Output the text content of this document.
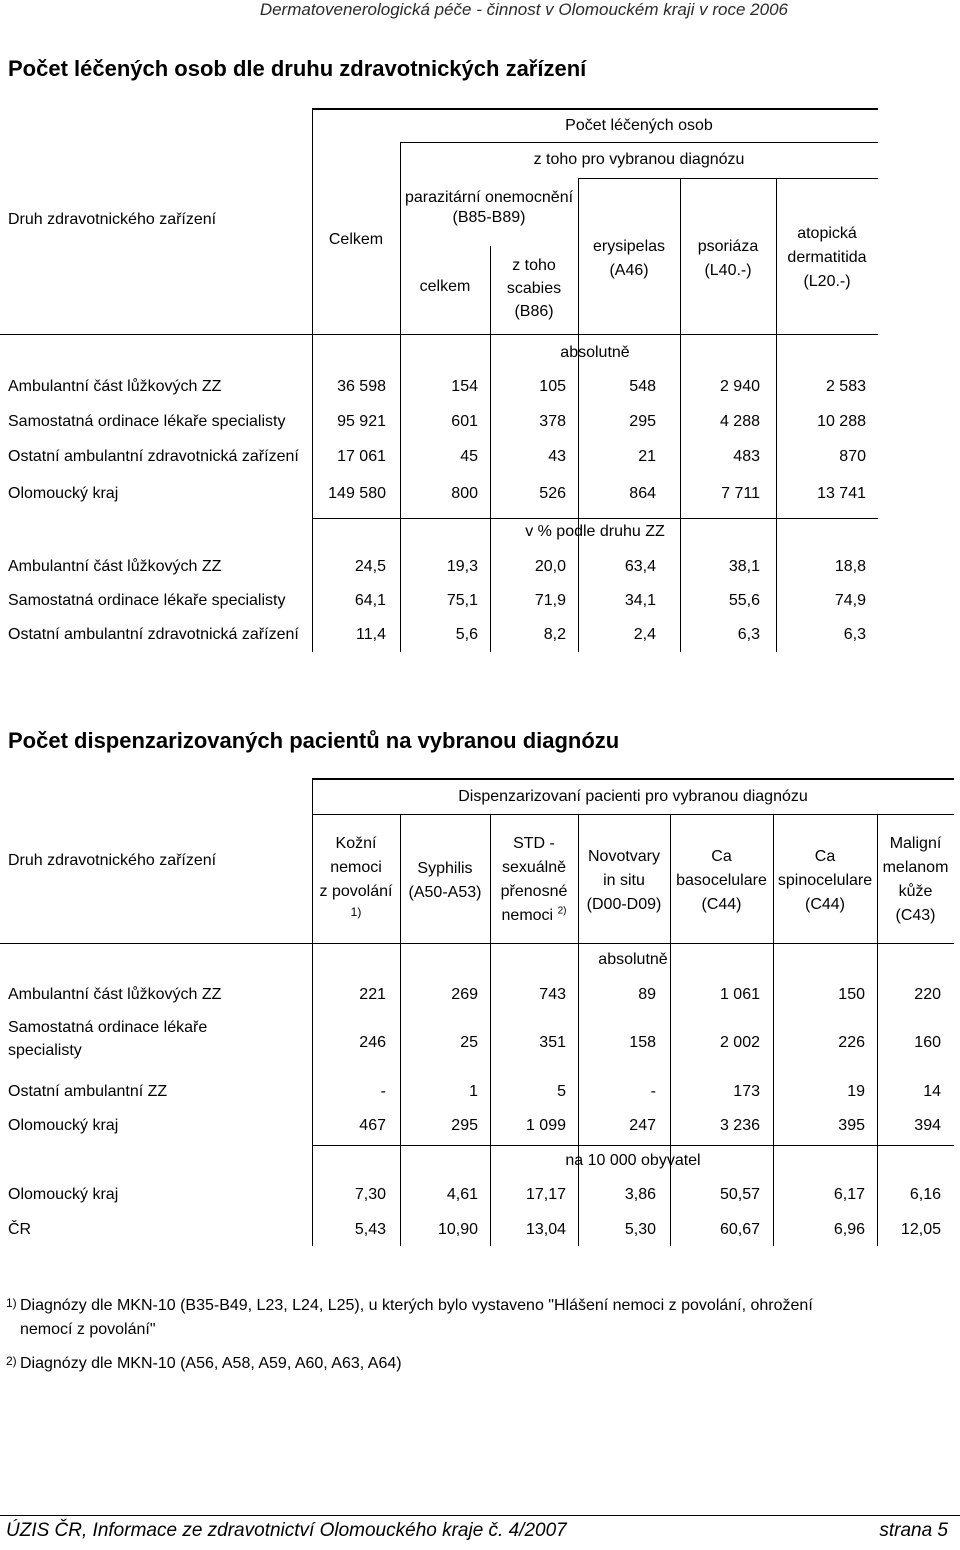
Dermatovenerologická péče - činnost v Olomouckém kraji v roce 2006
Počet léčených osob dle druhu zdravotnických zařízení
Počet léčených osob
z toho pro vybranou diagnózu
Druh zdravotnického zařízení
Celkem
parazitární onemocnění
(B85-B89)
celkem
z toho
scabies
(B86)
erysipelas
(A46)
psoriáza
(L40.-)
atopická
dermatitida
(L20.-)
absolutně
Ambulantní část lůžkových ZZ	36 598	154	105	548	2 940	2 583
Samostatná ordinace lékaře specialisty	95 921	601	378	295	4 288	10 288
Ostatní ambulantní zdravotnická zařízení	17 061	45	43	21	483	870
Olomoucký kraj	149 580	800	526	864	7 711	13 741
v % podle druhu ZZ
Ambulantní část lůžkových ZZ	24,5	19,3	20,0	63,4	38,1	18,8
Samostatná ordinace lékaře specialisty	64,1	75,1	71,9	34,1	55,6	74,9
Ostatní ambulantní zdravotnická zařízení	11,4	5,6	8,2	2,4	6,3	6,3
Počet dispenzarizovaných pacientů na vybranou diagnózu
Dispenzarizovaní pacienti pro vybranou diagnózu
Druh zdravotnického zařízení
Kožní
nemoci
z povolání
1)
Syphilis
(A50-A53)
STD -
sexuálně
přenosné
nemoci $^{2)}$
Novotvary
in situ
(D00-D09)
Ca
basocelulare
(C44)
Ca
spinocelulare
(C44)
Maligní
melanom
kůže
(C43)
absolutně
Ambulantní část lůžkových ZZ	221	269	743	89	1 061	150	220
Samostatná ordinace lékaře
specialisty	246	25	351	158	2 002	226	160
Ostatní ambulantní ZZ	-	1	5	-	173	19	14
Olomoucký kraj	467	295	1 099	247	3 236	395	394
na 10 000 obyvatel
Olomoucký kraj	7,30	4,61	17,17	3,86	50,57	6,17	6,16
ČR	5,43	10,90	13,04	5,30	60,67	6,96	12,05
1) Diagnózy dle MKN-10 (B35-B49, L23, L24, L25), u kterých bylo vystaveno "Hlášení nemoci z povolání, ohrožení nemocí z povolání"
2) Diagnózy dle MKN-10 (A56, A58, A59, A60, A63, A64)
ÚZIS ČR, Informace ze zdravotnictví Olomouckého kraje č. 4/2007	strana 5
